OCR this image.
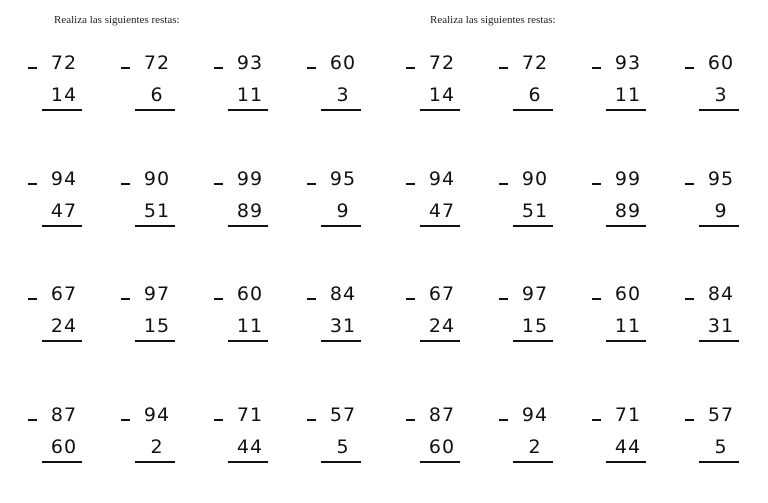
Realiza las siguientes restas:
72
14
72
6
93
11
60
3
94
47
90
51
99
89
95
9
67
24
97
15
60
11
84
31
87
60
94
2
71
44
57
5
Realiza las siguientes restas:
72
14
72
6
93
11
60
3
94
47
90
51
99
89
95
9
67
24
97
15
60
11
84
31
87
60
94
2
71
44
57
5
